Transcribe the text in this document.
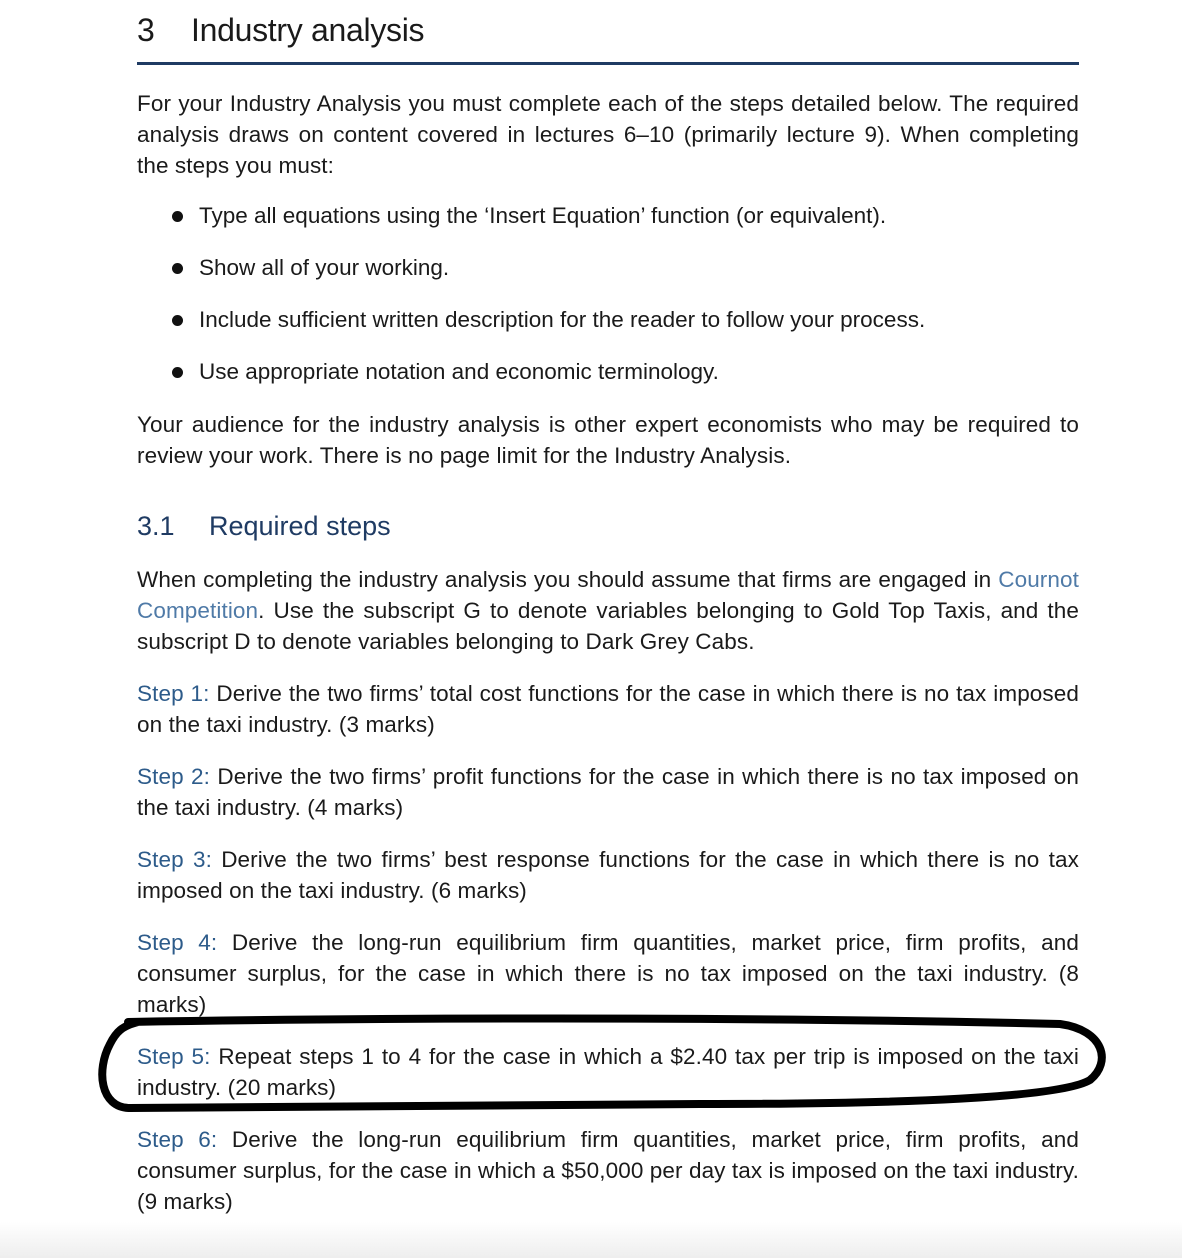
3 Industry analysis

For your Industry Analysis you must complete each of the steps detailed below. The required analysis draws on content covered in lectures 6–10 (primarily lecture 9). When completing the steps you must:

Type all equations using the ‘Insert Equation’ function (or equivalent).
Show all of your working.
Include sufficient written description for the reader to follow your process.
Use appropriate notation and economic terminology.

Your audience for the industry analysis is other expert economists who may be required to review your work. There is no page limit for the Industry Analysis.

3.1 Required steps

When completing the industry analysis you should assume that firms are engaged in Cournot Competition. Use the subscript G to denote variables belonging to Gold Top Taxis, and the subscript D to denote variables belonging to Dark Grey Cabs.

Step 1: Derive the two firms’ total cost functions for the case in which there is no tax imposed on the taxi industry. (3 marks)

Step 2: Derive the two firms’ profit functions for the case in which there is no tax imposed on the taxi industry. (4 marks)

Step 3: Derive the two firms’ best response functions for the case in which there is no tax imposed on the taxi industry. (6 marks)

Step 4: Derive the long-run equilibrium firm quantities, market price, firm profits, and consumer surplus, for the case in which there is no tax imposed on the taxi industry. (8 marks)

Step 5: Repeat steps 1 to 4 for the case in which a $2.40 tax per trip is imposed on the taxi industry. (20 marks)

Step 6: Derive the long-run equilibrium firm quantities, market price, firm profits, and consumer surplus, for the case in which a $50,000 per day tax is imposed on the taxi industry. (9 marks)
